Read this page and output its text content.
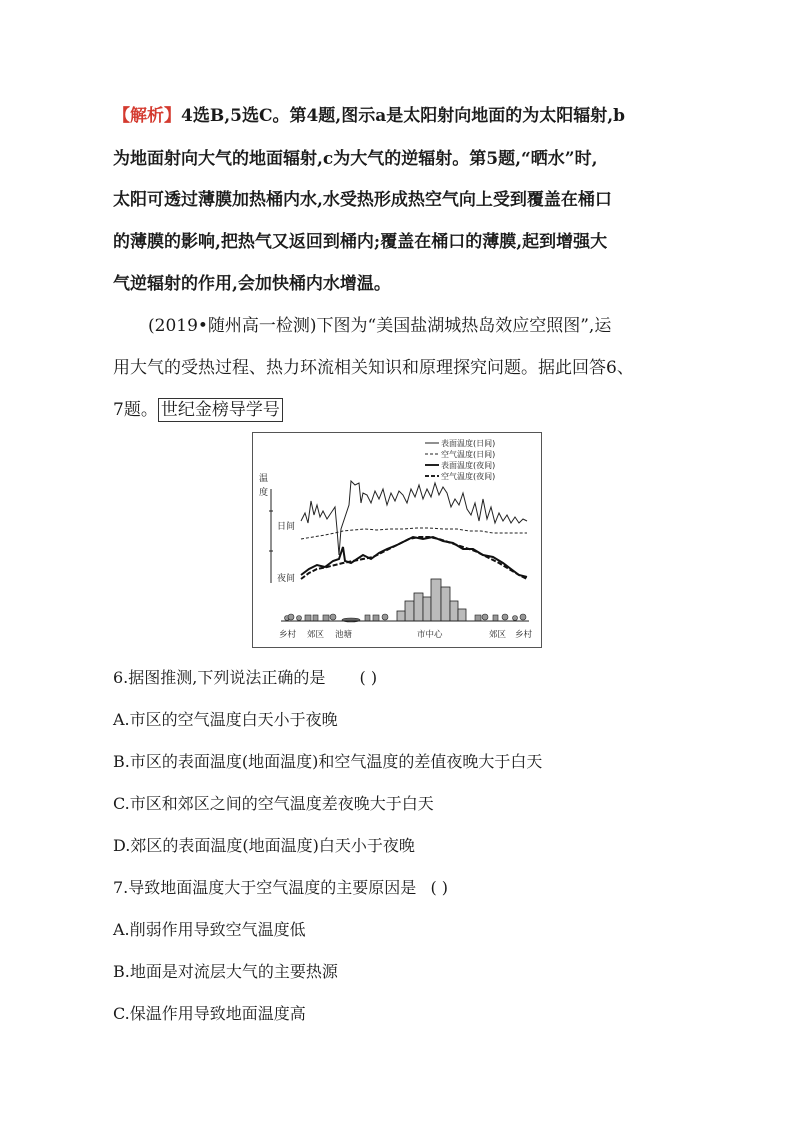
【解析】4选B,5选C。第4题,图示a是太阳射向地面的为太阳辐射,b
为地面射向大气的地面辐射,c为大气的逆辐射。第5题,“晒水”时,
太阳可透过薄膜加热桶内水,水受热形成热空气向上受到覆盖在桶口
的薄膜的影响,把热气又返回到桶内;覆盖在桶口的薄膜,起到增强大
气逆辐射的作用,会加快桶内水增温。
(2019•随州高一检测)下图为“美国盐湖城热岛效应空照图”,运
用大气的受热过程、热力环流相关知识和原理探究问题。据此回答6、
7题。 世纪金榜导学号
表面温度(日间)
空气温度(日间)
表面温度(夜间)
空气温度(夜间)
温
度
日间
夜间
乡村 郊区 池塘	市中心	郊区 乡村
6.据图推测,下列说法正确的是 ( )
A.市区的空气温度白天小于夜晚
B.市区的表面温度(地面温度)和空气温度的差值夜晚大于白天
C.市区和郊区之间的空气温度差夜晚大于白天
D.郊区的表面温度(地面温度)白天小于夜晚
7.导致地面温度大于空气温度的主要原因是 ( )
A.削弱作用导致空气温度低
B.地面是对流层大气的主要热源
C.保温作用导致地面温度高
